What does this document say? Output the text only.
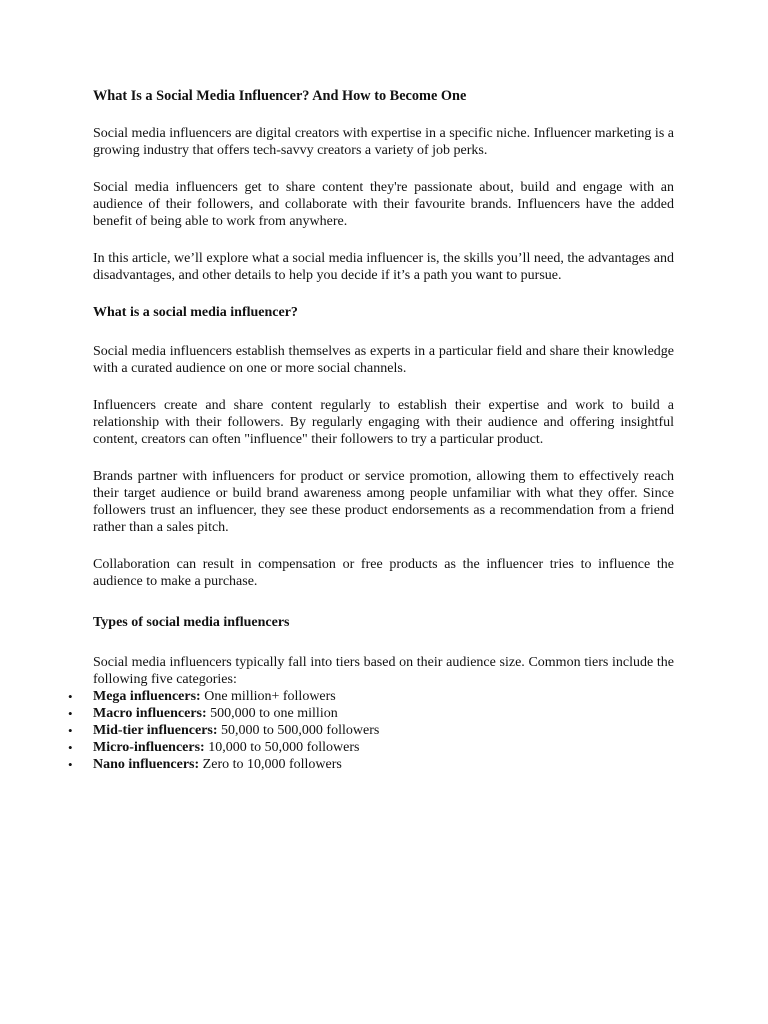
What Is a Social Media Influencer? And How to Become One

Social media influencers are digital creators with expertise in a specific niche. Influencer marketing is a growing industry that offers tech-savvy creators a variety of job perks.

Social media influencers get to share content they're passionate about, build and engage with an audience of their followers, and collaborate with their favourite brands. Influencers have the added benefit of being able to work from anywhere.

In this article, we’ll explore what a social media influencer is, the skills you’ll need, the advantages and disadvantages, and other details to help you decide if it’s a path you want to pursue.

What is a social media influencer?

Social media influencers establish themselves as experts in a particular field and share their knowledge with a curated audience on one or more social channels.

Influencers create and share content regularly to establish their expertise and work to build a relationship with their followers. By regularly engaging with their audience and offering insightful content, creators can often "influence" their followers to try a particular product.

Brands partner with influencers for product or service promotion, allowing them to effectively reach their target audience or build brand awareness among people unfamiliar with what they offer. Since followers trust an influencer, they see these product endorsements as a recommendation from a friend rather than a sales pitch.

Collaboration can result in compensation or free products as the influencer tries to influence the audience to make a purchase.

Types of social media influencers

Social media influencers typically fall into tiers based on their audience size. Common tiers include the following five categories:

• Mega influencers: One million+ followers
• Macro influencers: 500,000 to one million
• Mid-tier influencers: 50,000 to 500,000 followers
• Micro-influencers: 10,000 to 50,000 followers
• Nano influencers: Zero to 10,000 followers
